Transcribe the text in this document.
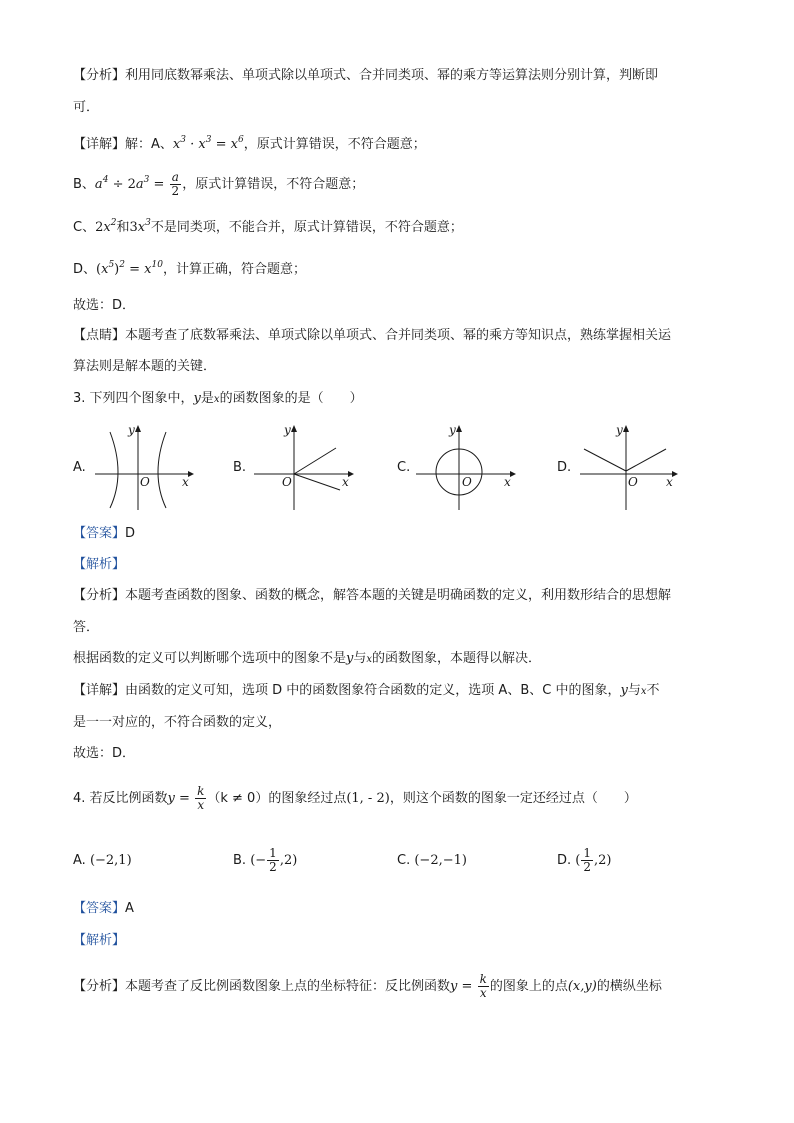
【分析】利用同底数幂乘法、单项式除以单项式、合并同类项、幂的乘方等运算法则分别计算，判断即
可．
【详解】解：A、$x^3 \cdot x^3 = x^6$，原式计算错误，不符合题意；
B、$a^4 \div 2a^3 = \frac{a}{2}$ ，原式计算错误，不符合题意；
C、$2x^2$和$3x^3$不是同类项，不能合并，原式计算错误，不符合题意；
D、$(x^5)^2 = x^{10}$，计算正确，符合题意；
故选：D．
【点睛】本题考查了底数幂乘法、单项式除以单项式、合并同类项、幂的乘方等知识点，熟练掌握相关运
算法则是解本题的关键．
3. 下列四个图象中，y是x的函数图象的是（　　）
A.	B.	C.	D.
y
O	x
y
O	x
y
O	x
y
O x
【答案】D
【解析】
【分析】本题考查函数的图象、函数的概念，解答本题的关键是明确函数的定义，利用数形结合的思想解
答．
根据函数的定义可以判断哪个选项中的图象不是y与x的函数图象，本题得以解决．
【详解】由函数的定义可知，选项 D 中的函数图象符合函数的定义，选项 A、B、C 中的图象，y与x不
是一一对应的，不符合函数的定义，
故选：D．
4. 若反比例函数$y = \frac{k}{x} (k \ne 0)$的图象经过点(1, - 2)，则这个函数的图象一定还经过点（　　）
A. (−2,1)	B. (− $\frac{1}{2} ,2$)	C. (−2,−1)	D. ( $\frac{1}{2} ,2$)
【答案】A
【解析】
【分析】本题考查了反比例函数图象上点的坐标特征：反比例函数$y = \frac{k}{x}$ 的图象上的点(x,y)的横纵坐标
